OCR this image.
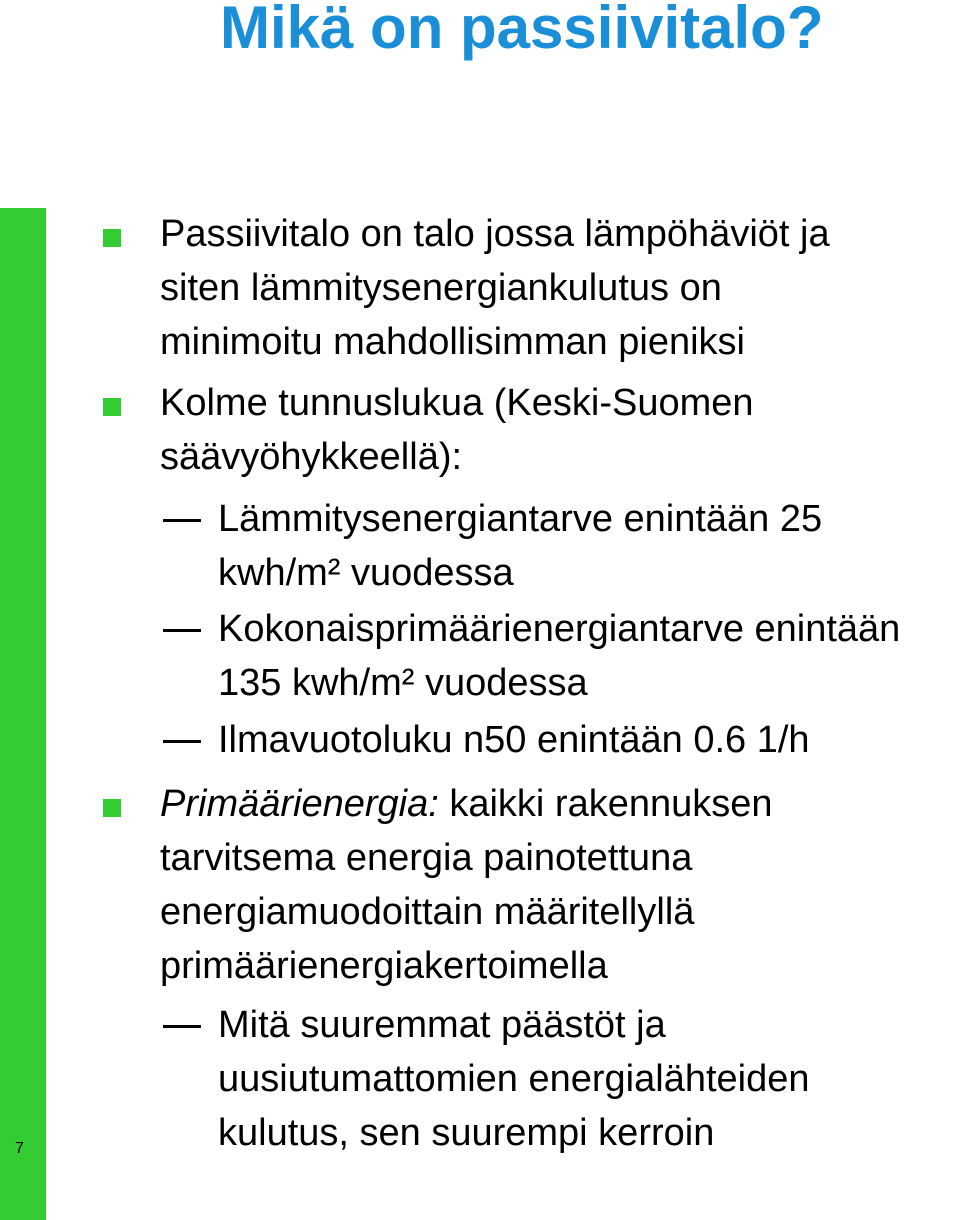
7
Mikä on passiivitalo?
Passiivitalo on talo jossa lämpöhäviöt ja
siten lämmitysenergiankulutus on
minimoitu mahdollisimman pieniksi
Kolme tunnuslukua (Keski-Suomen
säävyöhykkeellä):
Lämmitysenergiantarve enintään 25
kwh/m² vuodessa
Kokonaisprimäärienergiantarve enintään
135 kwh/m² vuodessa
Ilmavuotoluku n50 enintään 0.6 1/h
Primäärienergia: kaikki rakennuksen
tarvitsema energia painotettuna
energiamuodoittain määritellyllä
primäärienergiakertoimella
Mitä suuremmat päästöt ja
uusiutumattomien energialähteiden
kulutus, sen suurempi kerroin
